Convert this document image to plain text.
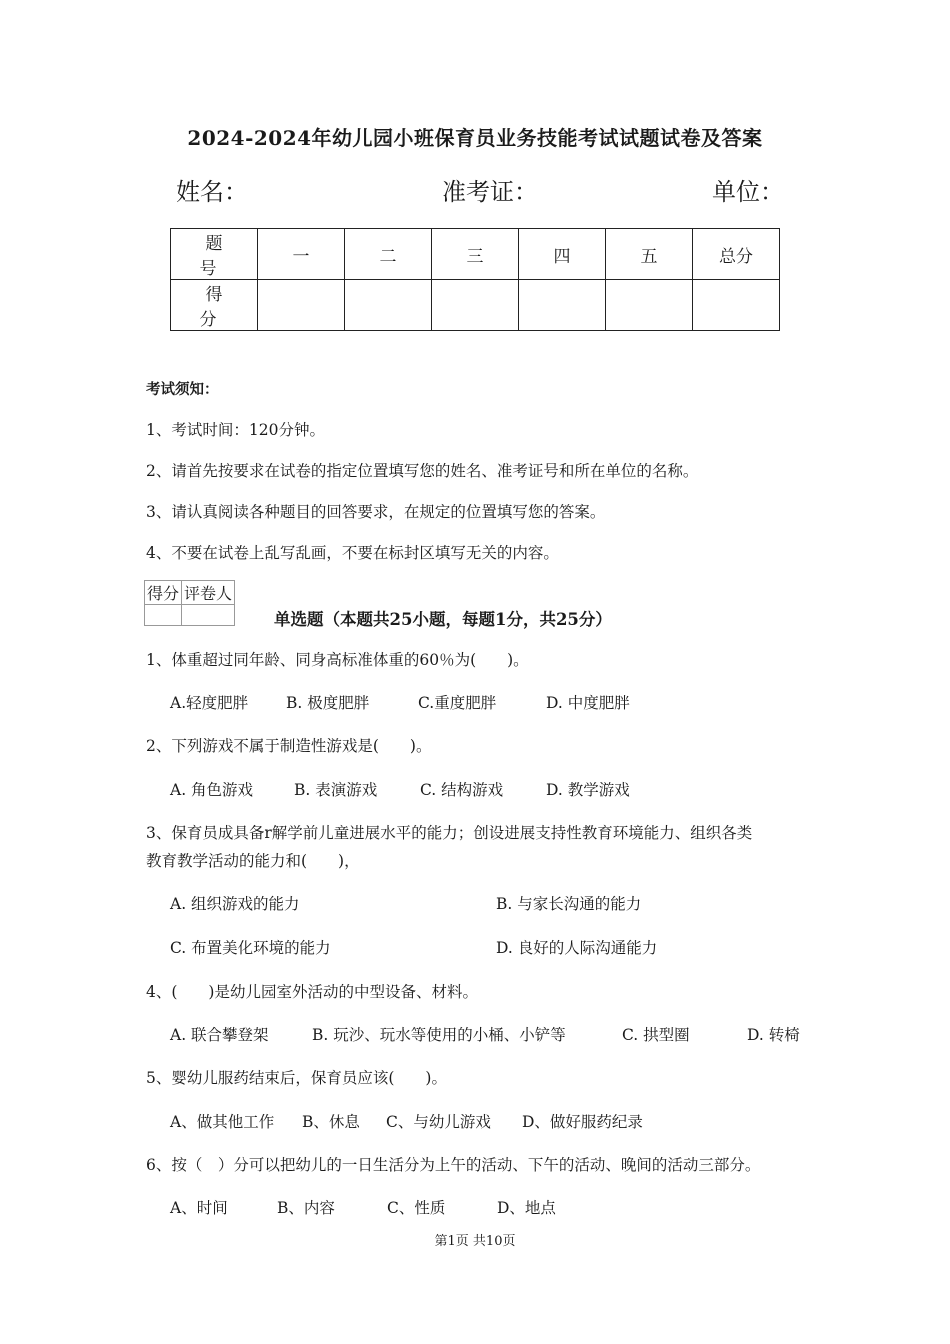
2024-2024年幼儿园小班保育员业务技能考试试题试卷及答案
姓名：	准考证：	单位：
题　号	一	二	三	四	五	总分
得　分						
考试须知：
1、考试时间：120分钟。
2、请首先按要求在试卷的指定位置填写您的姓名、准考证号和所在单位的名称。
3、请认真阅读各种题目的回答要求，在规定的位置填写您的答案。
4、不要在试卷上乱写乱画，不要在标封区填写无关的内容。
得分	评卷人

单选题（本题共25小题，每题1分，共25分）
1、体重超过同年龄、同身高标准体重的60％为(　　)。
A.轻度肥胖 B. 极度肥胖	C.重度肥胖	D. 中度肥胖
2、下列游戏不属于制造性游戏是(　　)。
A. 角色游戏	B. 表演游戏	C. 结构游戏	D. 教学游戏
3、保育员成具备r解学前儿童进展水平的能力；创设进展支持性教育环境能力、组织各类
教育教学活动的能力和(　　)，
A. 组织游戏的能力	B. 与家长沟通的能力
C. 布置美化环境的能力	D. 良好的人际沟通能力
4、(　　)是幼儿园室外活动的中型设备、材料。
A. 联合攀登架	B. 玩沙、玩水等使用的小桶、小铲等	C. 拱型圈	D. 转椅
5、婴幼儿服药结束后，保育员应该(　　)。
A、做其他工作 B、休息 C、与幼儿游戏 D、做好服药纪录
6、按（　）分可以把幼儿的一日生活分为上午的活动、下午的活动、晚间的活动三部分。
A、时间	B、内容	C、性质	D、地点
第1页 共10页
